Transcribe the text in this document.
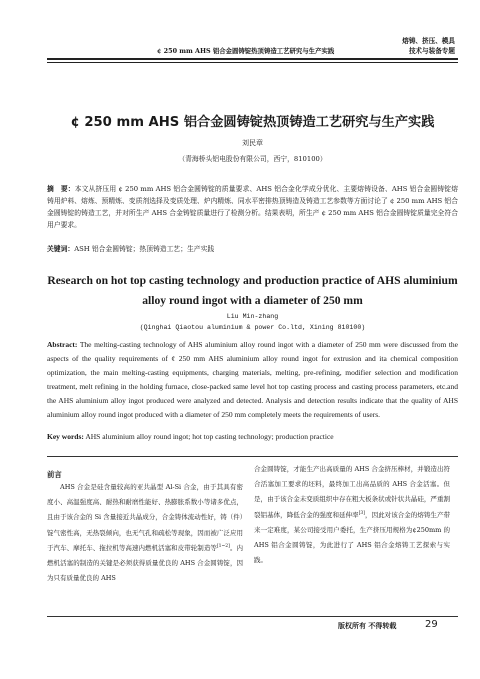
¢ 250 mm AHS 铝合金圆铸锭热顶铸造工艺研究与生产实践
熔铸、挤压、模具
技术与装备专题
¢ 250 mm AHS 铝合金圆铸锭热顶铸造工艺研究与生产实践
刘民章
（青海桥头铝电股份有限公司，西宁，810100）
摘　要：本文从挤压用 ¢ 250 mm AHS 铝合金圆铸锭的质量要求、AHS 铝合金化学成分优化、主要熔铸设备、AHS 铝合金圆铸锭熔铸用炉料、熔炼、预精炼、变质剂选择及变质处理、炉内精炼、同水平密排热顶铸造及铸造工艺参数等方面讨论了 ¢ 250 mm AHS 铝合金圆铸锭的铸造工艺，并对所生产 AHS 合金铸锭质量进行了检测分析。结果表明，所生产 ¢ 250 mm AHS 铝合金圆铸锭质量完全符合用户要求。
关键词：ASH 铝合金圆铸锭；热顶铸造工艺；生产实践
Research on hot top casting technology and production practice of AHS aluminium
alloy round ingot with a diameter of 250 mm
Liu Min-zhang
(Qinghai Qiaotou aluminium & power Co.ltd, Xining 810100)
Abstract: The melting-casting technology of AHS aluminium alloy round ingot with a diameter of 250 mm were discussed from the aspects of the quality requirements of ¢ 250 mm AHS aluminium alloy round ingot for extrusion and ita chemical composition optimization, the main melting-casting equipments, charging materials, melting, pre-refining, modifier selection and modification treatment, melt refining in the holding furnace, close-packed same level hot top casting process and casting process parameters, etc.and the AHS aluminium alloy ingot produced were analyzed and detected. Analysis and detection results indicate that the quality of AHS aluminium alloy round ingot produced with a diameter of 250 mm completely meets the requirements of users.
Key words: AHS aluminium alloy round ingot; hot top casting technology; production practice
前言
AHS 合金是硅含量较高的亚共晶型 Al-Si 合金，由于其具有密度小、高温强度高、耐热和耐磨性能好、热膨胀系数小等诸多优点，且由于该合金的 Si 含量接近共晶成分，合金铸体流动性好，铸（件）锭气密性高，无热裂倾向，也无气孔和疏松等现象，因而被广泛应用于汽车、摩托车、拖拉机等高速内燃机活塞和皮带轮制造等[1~2]。内燃机活塞的制造的关键是必须获得质量优良的 AHS 合金圆铸锭，因为只有质量优良的 AHS
合金圆铸锭，才能生产出高质量的 AHS 合金挤压棒材，并锻造出符合活塞加工要求的坯料，最终加工出高品质的 AHS 合金活塞。但是，由于该合金未变质组织中存在粗大板条状或针状共晶硅，严重割裂铝基体，降低合金的强度和延伸率[3]，因此对该合金的熔铸生产带来一定难度，某公司接受用户委托，生产挤压用规格为¢250mm 的 AHS 铝合金圆铸锭，为此进行了 AHS 铝合金熔铸工艺探索与实践。
版权所有 不得转载	29
